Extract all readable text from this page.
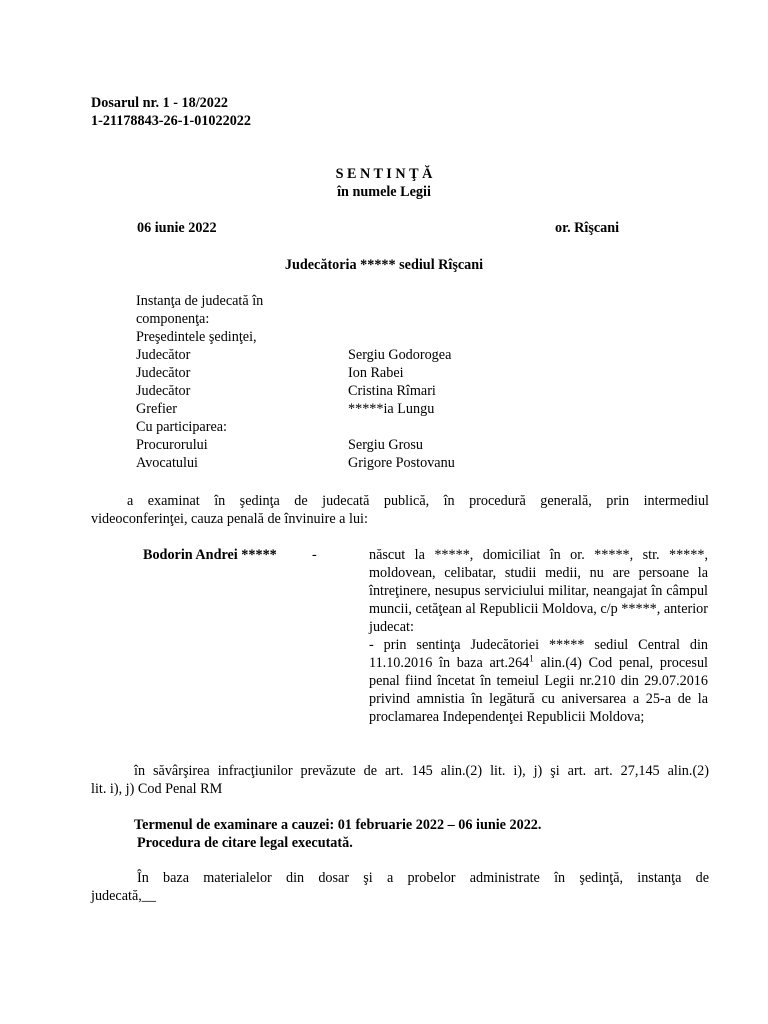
Dosarul nr. 1 - 18/2022
1-21178843-26-1-01022022
S E N T I N Ţ Ă
în numele Legii
06 iunie 2022	or. Rîşcani
Judecătoria ***** sediul Rîşcani
Instanţa de judecată în
componenţa:
Preşedintele şedinţei,
Judecător	Sergiu Godorogea
Judecător	Ion Rabei
Judecător	Cristina Rîmari
Grefier	*****ia Lungu
Cu participarea:
Procurorului	Sergiu Grosu
Avocatului	Grigore Postovanu
a examinat în şedinţa de judecată publică, în procedură generală, prin intermediul
videoconferinţei, cauza penală de învinuire a lui:
Bodorin Andrei ***** -	născut la *****, domiciliat în or. *****, str. *****, moldovean, celibatar, studii medii, nu are persoane la întreţinere, nesupus serviciului militar, neangajat în câmpul muncii, cetăţean al Republicii Moldova, c/p *****, anterior judecat:

- prin sentinţa Judecătoriei ***** sediul Central din 11.10.2016 în baza art.264$^1$ alin.(4) Cod penal, procesul penal fiind încetat în temeiul Legii nr.210 din 29.07.2016 privind amnistia în legătură cu aniversarea a 25-a de la proclamarea Independenţei Republicii Moldova;

în săvârşirea infracţiunilor prevăzute de art. 145 alin.(2) lit. i), j) şi art. art. 27,145 alin.(2)
lit. i), j) Cod Penal RM
Termenul de examinare a cauzei: 01 februarie 2022 – 06 iunie 2022.
Procedura de citare legal executată.
În baza materialelor din dosar şi a probelor administrate în şedinţă, instanţa de
judecată,__
